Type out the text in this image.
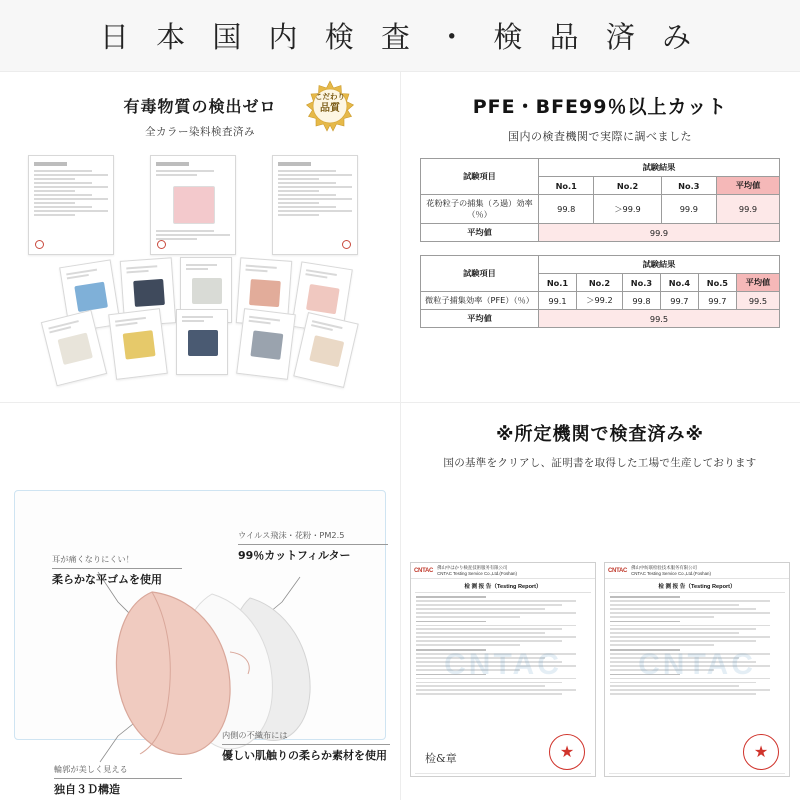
日 本 国 内 検 査 ・ 検 品 済 み
有毒物質の検出ゼロ
全カラー染料検査済み
こだわり
品質	PFE・BFE99％以上カット
国内の検査機関で実際に調べました
試験項目	試験結果			
	No.1	No.2	No.3	平均値
花粉粒子の捕集（ろ過）効率（％）	99.8	＞99.9	99.9	99.9
平均値	99.9			
試験項目	試験結果					
	No.1	No.2	No.3	No.4	No.5	平均値
微粒子捕集効率（PFE）（％）	99.1	＞99.2	99.8	99.7	99.7	99.5
平均値	99.5					
耳が痛くなりにくい！
柔らかな平ゴムを使用
ウイルス飛沫・花粉・PM2.5
99％カットフィルター
内側の不織布には
優しい肌触りの柔らか素材を使用
輪郭が美しく見える
独自３Ｄ構造
※所定機関で検査済み※
国の基準をクリアし、証明書を取得した工場で生産しております
CNTAC
佛山中はかり検査技術服务有限公司
CNTAC Testing Service Co.,Ltd.(Foshan)
检 测 报 告（Testing Report）
CNTAC
检&章	★
CNTAC
佛山中纺联检验技术服务有限公司
CNTAC Testing Service Co.,Ltd.(Foshan)
检 测 报 告（Testing Report）
CNTAC
★
